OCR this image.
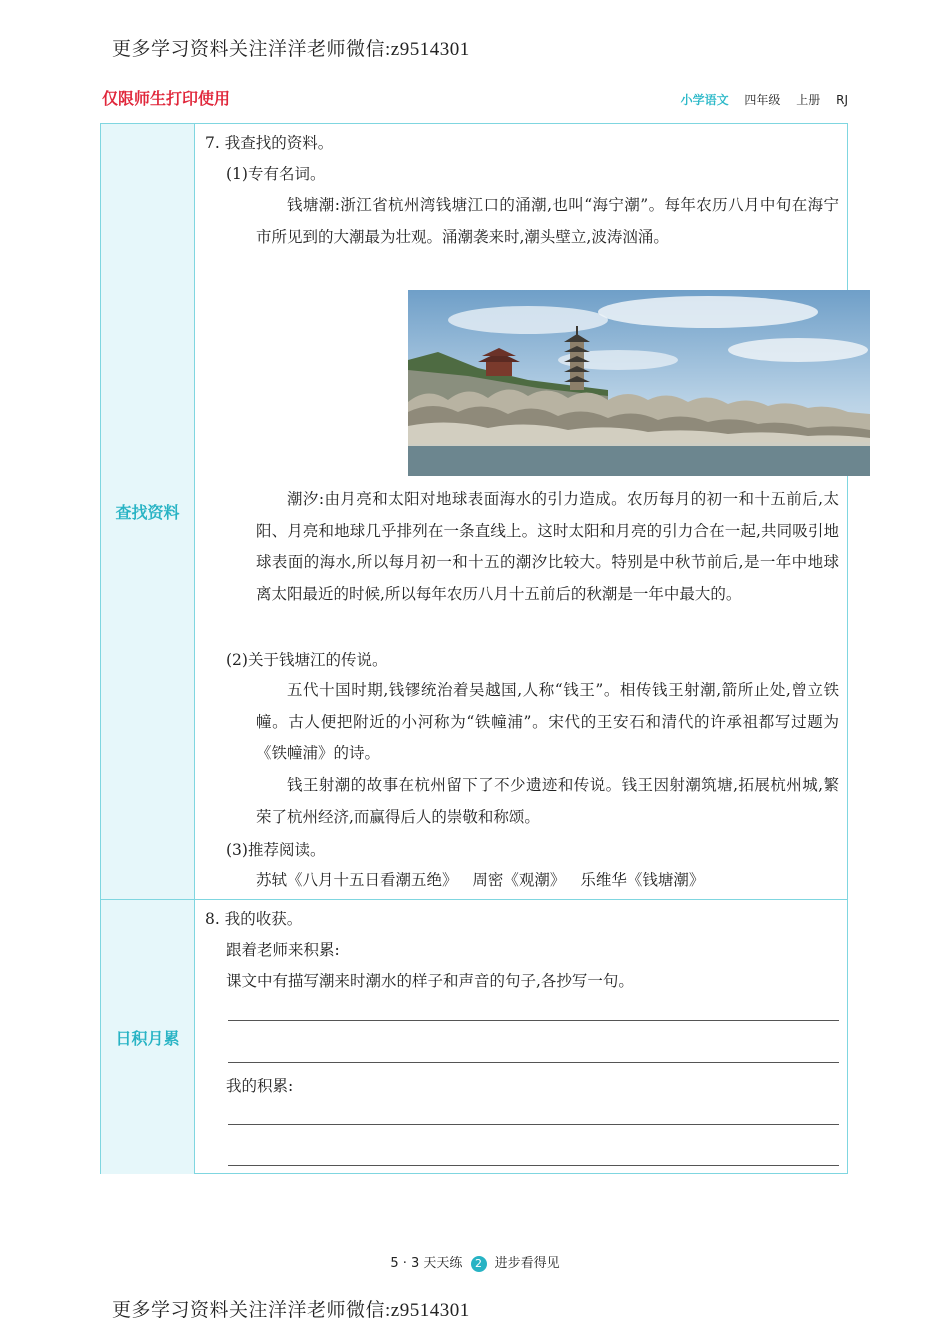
更多学习资料关注洋洋老师微信:z9514301
仅限师生打印使用	小学语文 四年级 上册 RJ
查找资料
7. 我查找的资料。
(1)专有名词。
钱塘潮:浙江省杭州湾钱塘江口的涌潮,也叫“海宁潮”。每年农历八月中旬在海宁市所见到的大潮最为壮观。涌潮袭来时,潮头壁立,波涛汹涌。
潮汐:由月亮和太阳对地球表面海水的引力造成。农历每月的初一和十五前后,太阳、月亮和地球几乎排列在一条直线上。这时太阳和月亮的引力合在一起,共同吸引地球表面的海水,所以每月初一和十五的潮汐比较大。特别是中秋节前后,是一年中地球离太阳最近的时候,所以每年农历八月十五前后的秋潮是一年中最大的。
(2)关于钱塘江的传说。
五代十国时期,钱镠统治着吴越国,人称“钱王”。相传钱王射潮,箭所止处,曾立铁幢。古人便把附近的小河称为“铁幢浦”。宋代的王安石和清代的许承祖都写过题为《铁幢浦》的诗。
钱王射潮的故事在杭州留下了不少遗迹和传说。钱王因射潮筑塘,拓展杭州城,繁荣了杭州经济,而赢得后人的崇敬和称颂。
(3)推荐阅读。
苏轼《八月十五日看潮五绝》 周密《观潮》 乐维华《钱塘潮》
日积月累
8. 我的收获。
跟着老师来积累:
课文中有描写潮来时潮水的样子和声音的句子,各抄写一句。
我的积累:
5 · 3 天天练 2 进步看得见
更多学习资料关注洋洋老师微信:z9514301
